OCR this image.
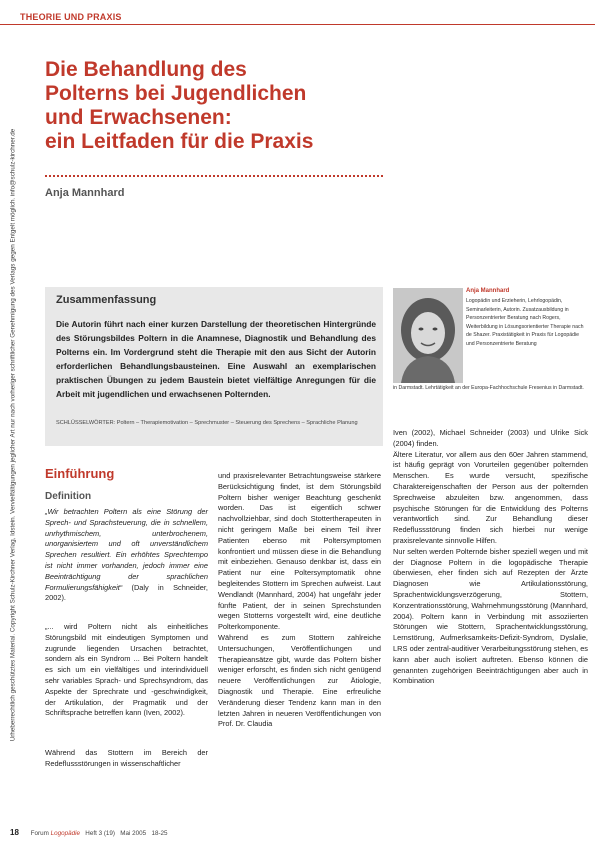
THEORIE UND PRAXIS
Urheberrechtlich geschütztes Material. Copyright Schulz-Kirchner Verlag, Idstein. Vervielfältigungen jeglicher Art nur nach vorheriger schriftlicher Genehmigung des Verlags gegen Entgelt möglich. info@schulz-kirchner.de
Die Behandlung des
Polterns bei Jugendlichen
und Erwachsenen:
ein Leitfaden für die Praxis
Anja Mannhard
Zusammenfassung
Die Autorin führt nach einer kurzen Darstellung der theoretischen Hintergründe des Störungsbildes Poltern in die Anamnese, Diagnostik und Behandlung des Polterns ein. Im Vordergrund steht die Therapie mit den aus Sicht der Autorin erforderlichen Behandlungsbausteinen. Eine Auswahl an exemplarischen praktischen Übungen zu jedem Baustein bietet vielfältige Anregungen für die Arbeit mit jugendlichen und erwachsenen Polternden.
SCHLÜSSELWÖRTER: Poltern – Therapiemotivation – Sprechmuster – Steuerung des Sprechens – Sprachliche Planung
Anja Mannhard
Logopädin und Erzieherin, Lehrlogopädin, Seminarleiterin, Autorin. Zusatzausbildung in Personzentrierter Beratung nach Rogers, Weiterbildung in Lösungsorientierter Therapie nach de Shazer. Praxistätigkeit in Praxis für Logopädie und Personzentrierte Beratung
in Darmstadt. Lehrtätigkeit an der Europa-Fachhochschule Fresenius in Darmstadt.
Einführung
Definition
„Wir betrachten Poltern als eine Störung der Sprech- und Sprachsteuerung, die in schnellem, unrhythmischem, unterbrochenem, unorganisiertem und oft unverständlichem Sprechen resultiert. Ein erhöhtes Sprechtempo ist nicht immer vorhanden, jedoch immer eine Beeinträchtigung der sprachlichen Formulierungsfähigkeit“ (Daly in Schneider, 2002).
„... wird Poltern nicht als einheitliches Störungsbild mit eindeutigen Symptomen und zugrunde liegenden Ursachen betrachtet, sondern als ein Syndrom ... Bei Poltern handelt es sich um ein vielfältiges und interindividuell sehr variables Sprach- und Sprechsyndrom, das Aspekte der Sprechrate und -geschwindigkeit, der Artikulation, der Pragmatik und der Schriftsprache betreffen kann (Iven, 2002).
Während das Stottern im Bereich der Redeflussstörungen in wissenschaftlicher

und praxisrelevanter Betrachtungsweise stärkere Berücksichtigung findet, ist dem Störungsbild Poltern bisher weniger Beachtung geschenkt worden. Das ist eigentlich schwer nachvollziehbar, sind doch Stottertherapeuten in nicht geringem Maße bei einem Teil ihrer Patienten ebenso mit Poltersymptomen konfrontiert und müssen diese in die Behandlung mit einbeziehen. Genauso denkbar ist, dass ein Patient nur eine Poltersymptomatik ohne begleitendes Stottern im Sprechen aufweist. Laut Wendlandt (Mannhard, 2004) hat ungefähr jeder fünfte Patient, der in seinen Sprechstunden wegen Stotterns vorgestellt wird, eine deutliche Polterkomponente.

Während es zum Stottern zahlreiche Untersuchungen, Veröffentlichungen und Therapieansätze gibt, wurde das Poltern bisher weniger erforscht, es finden sich nicht genügend neuere Veröffentlichungen zur Ätiologie, Diagnostik und Therapie. Eine erfreuliche Veränderung dieser Tendenz kann man in den letzten Jahren in neueren Veröffentlichungen von Prof. Dr. Claudia

Iven (2002), Michael Schneider (2003) und Ulrike Sick (2004) finden.

Ältere Literatur, vor allem aus den 60er Jahren stammend, ist häufig geprägt von Vorurteilen gegenüber polternden Menschen. Es wurde versucht, spezifische Charaktereigenschaften der Person aus der polternden Sprechweise abzuleiten bzw. angenommen, dass psychische Störungen für die Entwicklung des Polterns verantwortlich sind. Zur Behandlung dieser Redeflussstörung finden sich hierbei nur wenige praxisrelevante sinnvolle Hilfen.

Nur selten werden Polternde bisher speziell wegen und mit der Diagnose Poltern in die logopädische Therapie überwiesen, eher finden sich auf Rezepten der Ärzte Diagnosen wie Artikulationsstörung, Sprachentwicklungsverzögerung, Stottern, Konzentrationsstörung, Wahrnehmungsstörung (Mannhard, 2004). Poltern kann in Verbindung mit assoziierten Störungen wie Stottern, Sprachentwicklungsstörung, Lernstörung, Aufmerksamkeits-Defizit-Syndrom, Dyslalie, LRS oder zentral-auditiver Verarbeitungsstörung stehen, es kann aber auch isoliert auftreten. Ebenso können die genannten zugehörigen Beeinträchtigungen aber auch in Kombination

18 Forum Logopädie Heft 3 (19) Mai 2005 18-25
